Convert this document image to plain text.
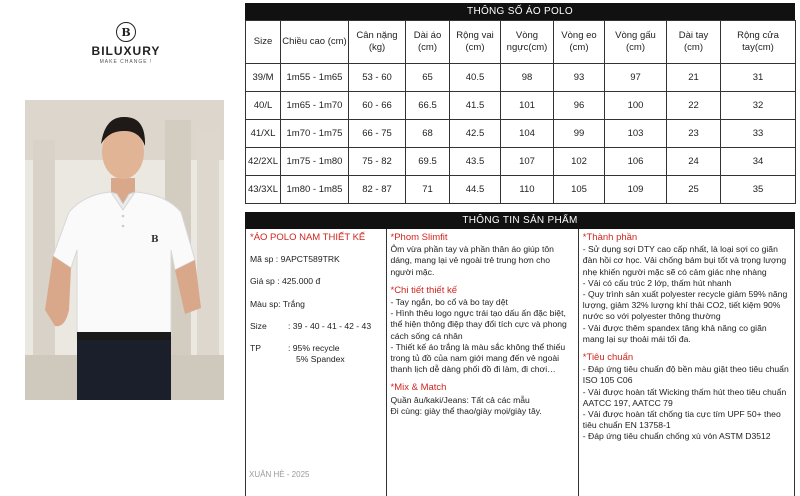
B
BILUXURY
MAKE CHANGE !
B
XUÂN HÈ - 2025
THÔNG SỐ ÁO POLO
Size	Chiều cao (cm)	Cân nặng (kg)	Dài áo (cm)	Rộng vai (cm)	Vòng ngực(cm)	Vòng eo (cm)	Vòng gấu (cm)	Dài tay (cm)	Rộng cửa tay(cm)
39/M	1m55 - 1m65	53 - 60	65	40.5	98	93	97	21	31
40/L	1m65 - 1m70	60 - 66	66.5	41.5	101	96	100	22	32
41/XL	1m70 - 1m75	66 - 75	68	42.5	104	99	103	23	33
42/2XL	1m75 - 1m80	75 - 82	69.5	43.5	107	102	106	24	34
43/3XL	1m80 - 1m85	82 - 87	71	44.5	110	105	109	25	35
THÔNG TIN SẢN PHẨM
*ÁO POLO NAM THIẾT KẾ
Mã sp : 9APCT589TRK
Giá sp : 425.000 đ
Màu sp: Trắng
Size	: 39 - 40 - 41 - 42 - 43
TP	: 95% recycle
5% Spandex
*Phom Slimfit
Ôm vừa phần tay và phần thân áo giúp tôn dáng, mang lại vẻ ngoài trẻ trung hơn cho người mặc.
*Chi tiết thiết kế
- Tay ngắn, bo cổ và bo tay dệt
- Hình thêu logo ngực trái tạo dấu ấn đặc biệt, thể hiện thông điệp thay đổi tích cực và phong cách sống cá nhân
- Thiết kế áo trắng là màu sắc không thể thiếu trong tủ đồ của nam giới mang đến vẻ ngoài thanh lịch dễ dàng phối đồ đi làm, đi chơi…
*Mix & Match
Quần âu/kaki/Jeans: Tất cả các mẫu
Đi cùng: giày thể thao/giày mọi/giày tây.
*Thành phần
- Sử dụng sợi DTY cao cấp nhất, là loại sợi co giãn đàn hồi cơ học. Vải chống bám bụi tốt và trọng lượng nhẹ khiến người mặc sẽ có cảm giác nhẹ nhàng
- Vải có cấu trúc 2 lớp, thấm hút nhanh
- Quy trình sản xuất polyester recycle giảm 59% năng lượng, giảm 32% lượng khí thải CO2, tiết kiệm 90% nước so với polyester thông thường
- Vải được thêm spandex tăng khả năng co giãn mang lại sự thoải mái tối đa.
*Tiêu chuẩn
- Đáp ứng tiêu chuẩn độ bền màu giặt theo tiêu chuẩn ISO 105 C06
- Vải được hoàn tất Wicking thấm hút theo tiêu chuẩn AATCC 197, AATCC 79
- Vải được hoàn tất chống tia cực tím UPF 50+ theo tiêu chuẩn EN 13758-1
- Đáp ứng tiêu chuẩn chống xù vón ASTM D3512
